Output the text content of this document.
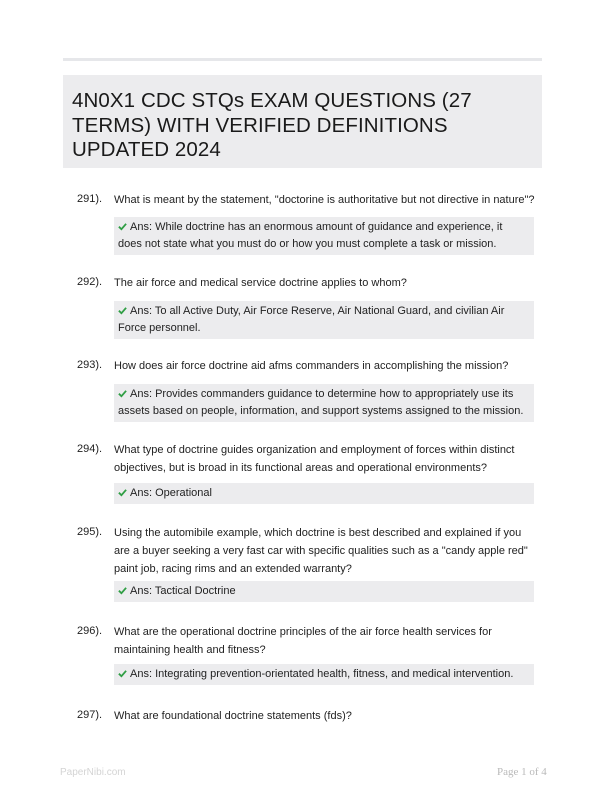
4N0X1 CDC STQs EXAM QUESTIONS (27 TERMS) WITH VERIFIED DEFINITIONS UPDATED 2024
291). What is meant by the statement, "doctorine is authoritative but not directive in nature"?
Ans: While doctrine has an enormous amount of guidance and experience, it does not state what you must do or how you must complete a task or mission.
292). The air force and medical service doctrine applies to whom?
Ans: To all Active Duty, Air Force Reserve, Air National Guard, and civilian Air Force personnel.
293). How does air force doctrine aid afms commanders in accomplishing the mission?
Ans: Provides commanders guidance to determine how to appropriately use its assets based on people, information, and support systems assigned to the mission.
294). What type of doctrine guides organization and employment of forces within distinct objectives, but is broad in its functional areas and operational environments?
Ans: Operational
295). Using the automibile example, which doctrine is best described and explained if you are a buyer seeking a very fast car with specific qualities such as a "candy apple red" paint job, racing rims and an extended warranty?
Ans: Tactical Doctrine
296). What are the operational doctrine principles of the air force health services for maintaining health and fitness?
Ans: Integrating prevention-orientated health, fitness, and medical intervention.
297). What are foundational doctrine statements (fds)?
PaperNibi.com	Page 1 of 4
